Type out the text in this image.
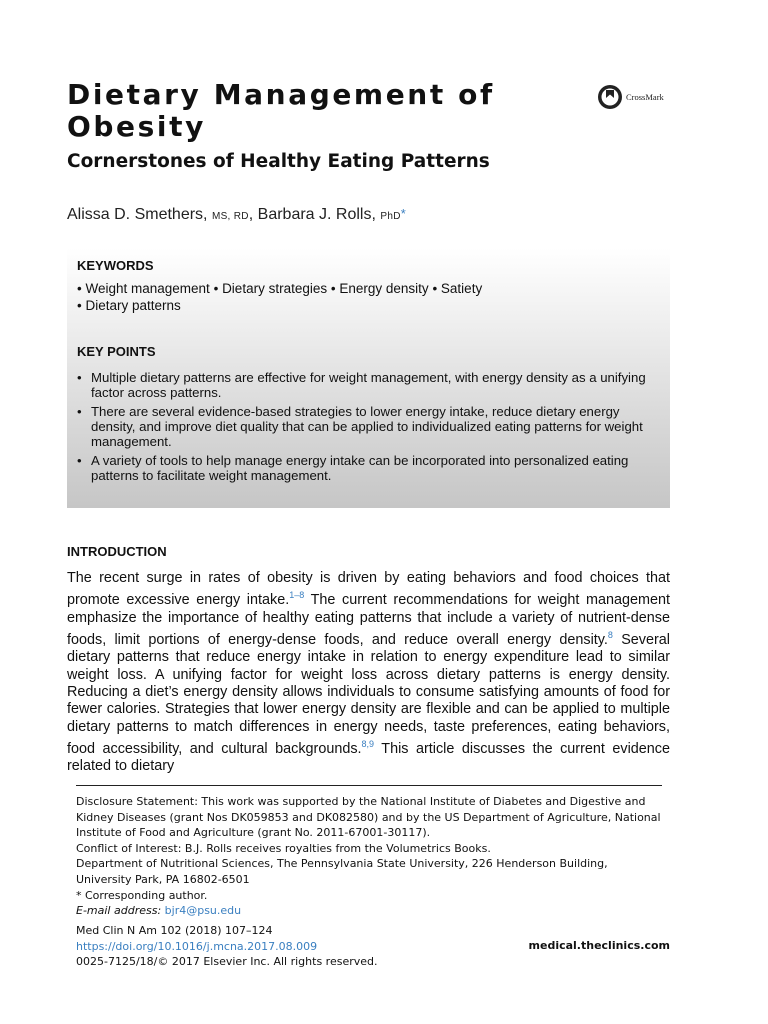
Dietary Management of Obesity
CrossMark
Cornerstones of Healthy Eating Patterns
Alissa D. Smethers, MS, RD, Barbara J. Rolls, PhD*
KEYWORDS
• Weight management • Dietary strategies • Energy density • Satiety
• Dietary patterns
KEY POINTS
• Multiple dietary patterns are effective for weight management, with energy density as a unifying factor across patterns.
• There are several evidence-based strategies to lower energy intake, reduce dietary energy density, and improve diet quality that can be applied to individualized eating patterns for weight management.
• A variety of tools to help manage energy intake can be incorporated into personalized eating patterns to facilitate weight management.
INTRODUCTION

The recent surge in rates of obesity is driven by eating behaviors and food choices that promote excessive energy intake.$^{1-8}$ The current recommendations for weight management emphasize the importance of healthy eating patterns that include a variety of nutrient-dense foods, limit portions of energy-dense foods, and reduce overall energy density.$^8$ Several dietary patterns that reduce energy intake in relation to energy expenditure lead to similar weight loss. A unifying factor for weight loss across dietary patterns is energy density. Reducing a diet’s energy density allows individuals to consume satisfying amounts of food for fewer calories. Strategies that lower energy density are flexible and can be applied to multiple dietary patterns to match differences in energy needs, taste preferences, eating behaviors, food accessibility, and cultural backgrounds.$^{8,9}$ This article discusses the current evidence related to dietary

Disclosure Statement: This work was supported by the National Institute of Diabetes and Digestive and Kidney Diseases (grant Nos DK059853 and DK082580) and by the US Department of Agriculture, National Institute of Food and Agriculture (grant No. 2011-67001-30117).

Conflict of Interest: B.J. Rolls receives royalties from the Volumetrics Books.

Department of Nutritional Sciences, The Pennsylvania State University, 226 Henderson Building, University Park, PA 16802-6501

* Corresponding author.

E-mail address: bjr4@psu.edu

Med Clin N Am 102 (2018) 107–124

https://doi.org/10.1016/j.mcna.2017.08.009

0025-7125/18/© 2017 Elsevier Inc. All rights reserved.

medical.theclinics.com
